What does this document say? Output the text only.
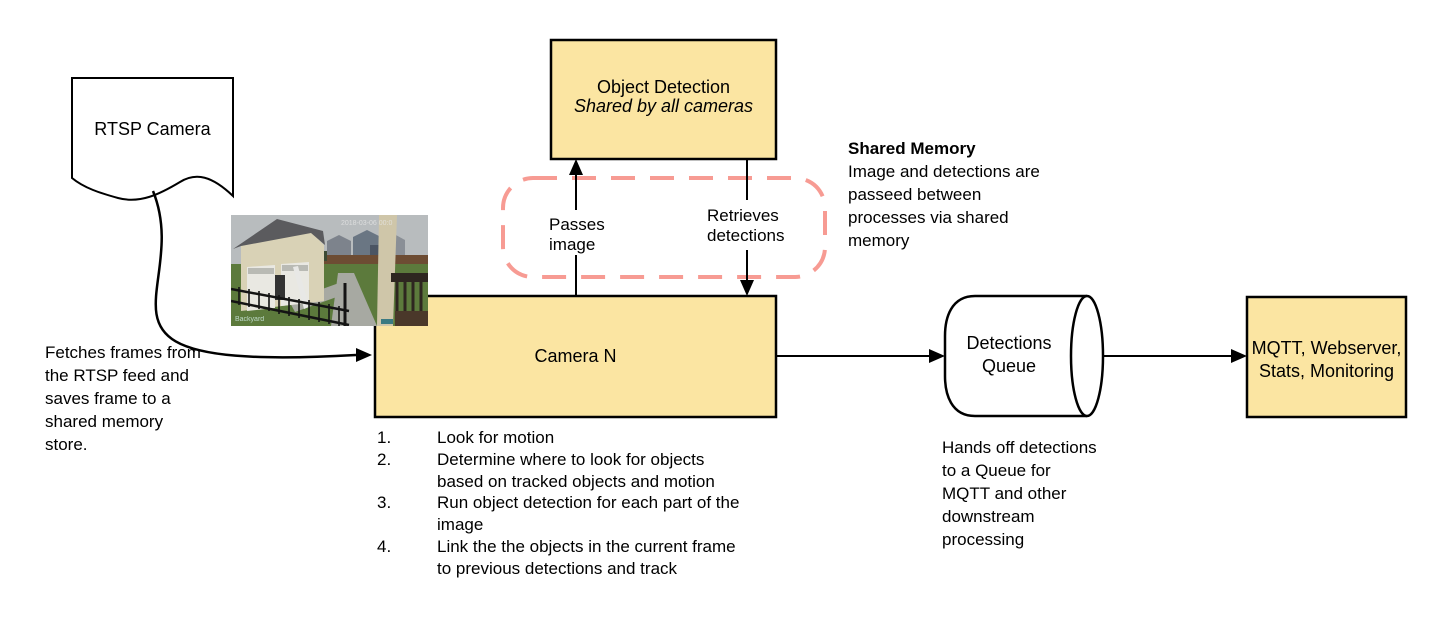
2018-03-06 00:0
Backyard
RTSP Camera
Fetches frames from
the RTSP feed and
saves frame to a
shared memory
store.
Object Detection
Shared by all cameras
Shared Memory
Image and detections are
passeed between
processes via shared
memory
Passes
image
Retrieves
detections
Camera N
1.	Look for motion
2.	Determine where to look for objects
based on tracked objects and motion
3.	Run object detection for each part of the
image
4.	Link the the objects in the current frame
to previous detections and track
Detections
Queue
Hands off detections
to a Queue for
MQTT and other
downstream
processing
MQTT, Webserver,
Stats, Monitoring
